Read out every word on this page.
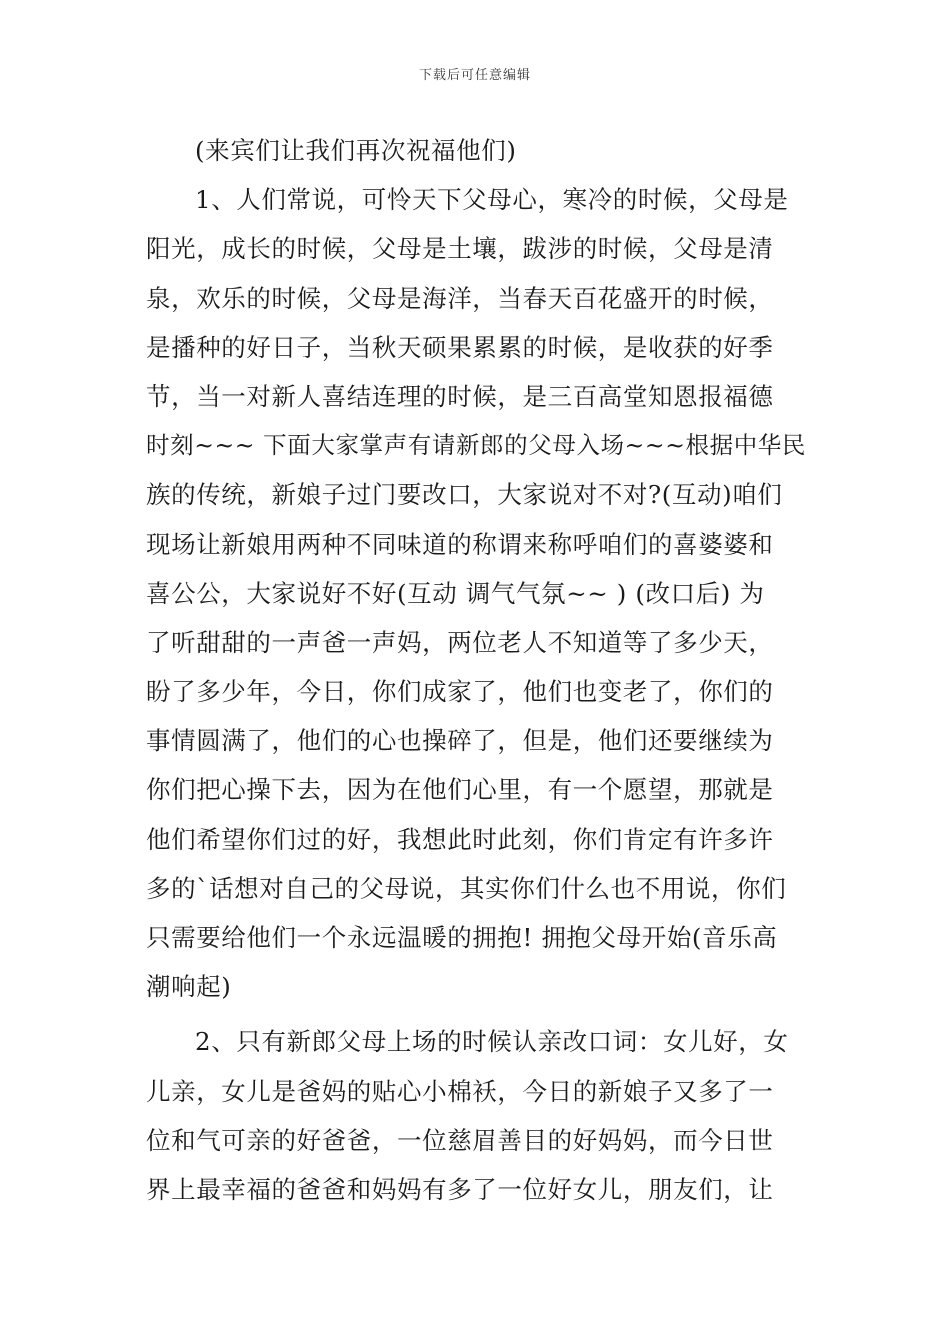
下载后可任意编辑
(来宾们让我们再次祝福他们)
1、人们常说，可怜天下父母心，寒冷的时候，父母是
阳光，成长的时候，父母是土壤，跋涉的时候，父母是清
泉，欢乐的时候，父母是海洋，当春天百花盛开的时候，
是播种的好日子，当秋天硕果累累的时候，是收获的好季
节，当一对新人喜结连理的时候，是三百高堂知恩报福德
时刻~~~ 下面大家掌声有请新郎的父母入场~~~根据中华民
族的传统，新娘子过门要改口，大家说对不对?(互动)咱们
现场让新娘用两种不同味道的称谓来称呼咱们的喜婆婆和
喜公公，大家说好不好(互动 调气气氛~~ ) (改口后) 为
了听甜甜的一声爸一声妈，两位老人不知道等了多少天，
盼了多少年，今日，你们成家了，他们也变老了，你们的
事情圆满了，他们的心也操碎了，但是，他们还要继续为
你们把心操下去，因为在他们心里，有一个愿望，那就是
他们希望你们过的好，我想此时此刻，你们肯定有许多许
多的`话想对自己的父母说，其实你们什么也不用说，你们
只需要给他们一个永远温暖的拥抱! 拥抱父母开始(音乐高
潮响起)
2、只有新郎父母上场的时候认亲改口词：女儿好，女
儿亲，女儿是爸妈的贴心小棉袄，今日的新娘子又多了一
位和气可亲的好爸爸，一位慈眉善目的好妈妈，而今日世
界上最幸福的爸爸和妈妈有多了一位好女儿，朋友们，让
